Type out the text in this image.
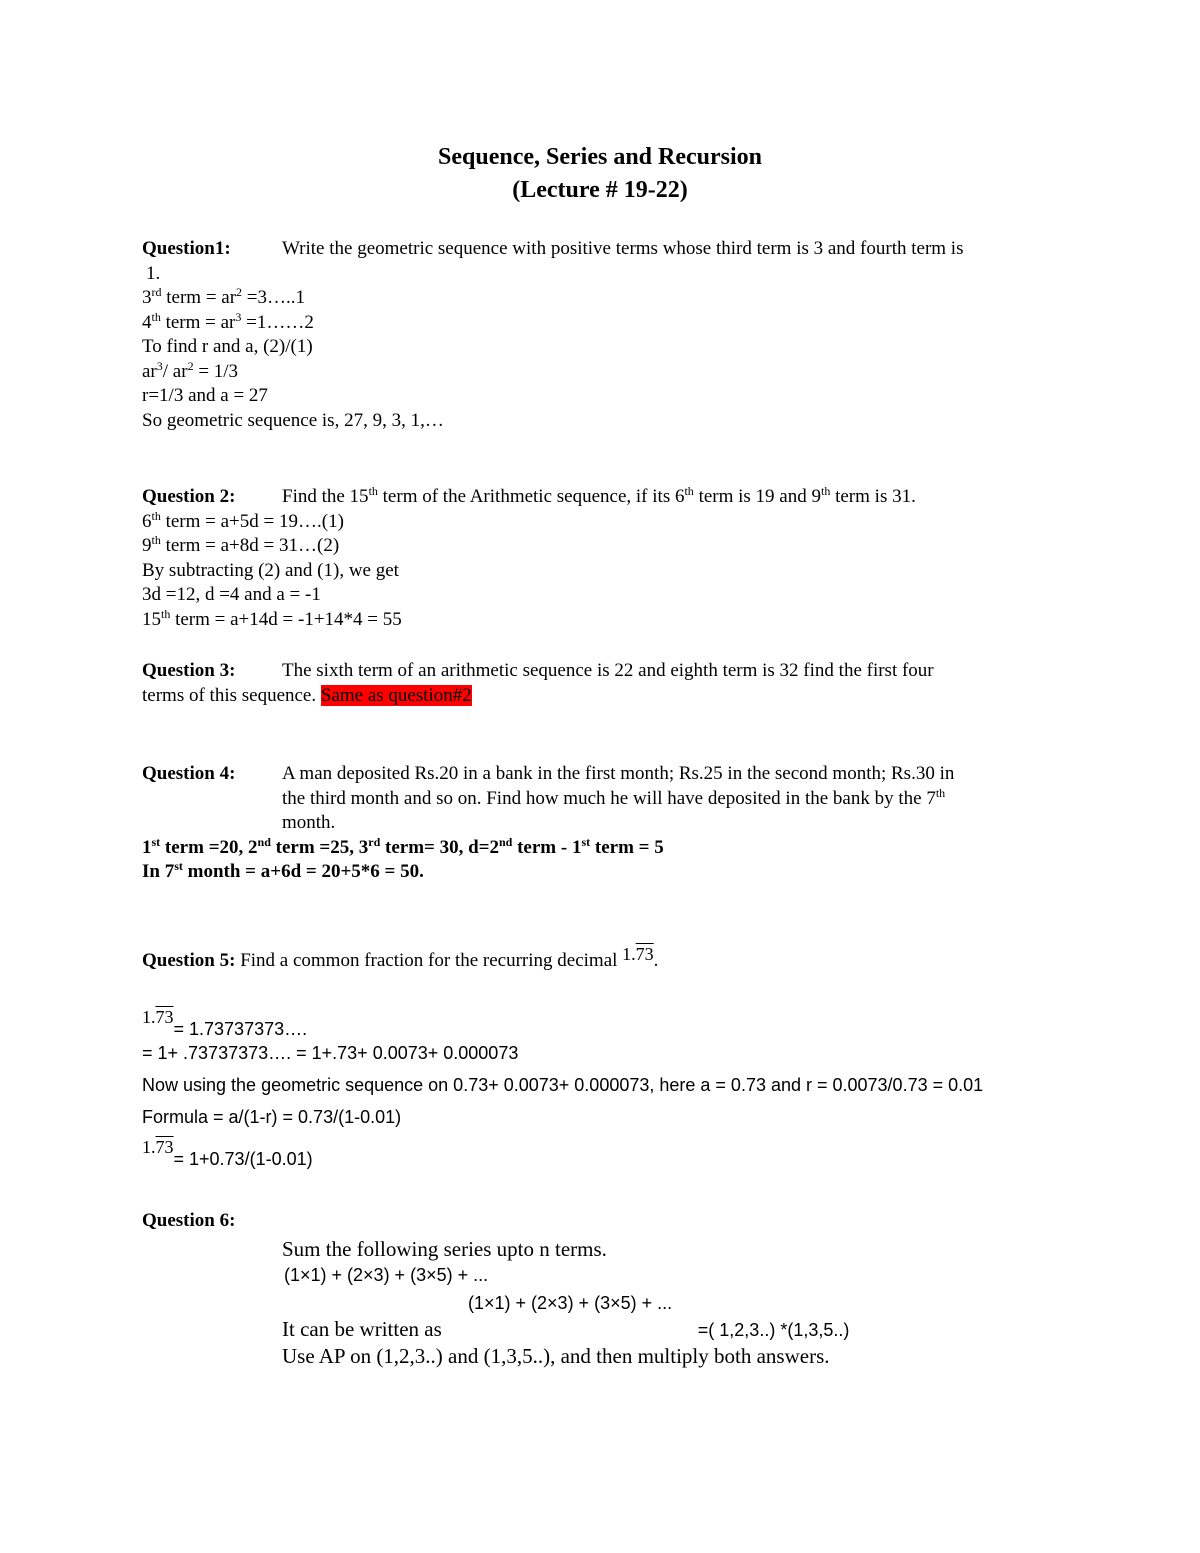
Sequence, Series and Recursion
(Lecture # 19-22)
Question1:	Write the geometric sequence with positive terms whose third term is 3 and fourth term is
1.
3rd term = $ar^2$ =3…..1
4th term = $ar^3$ =1……2
To find r and a, (2)/(1)
$ar^3/$ $ar^2 = 1/3$
r=1/3 and a = 27
So geometric sequence is, 27, 9, 3, 1,…
Question 2: Find the 15th term of the Arithmetic sequence, if its 6th term is 19 and 9th term is 31.
6th term = a+5d = 19….(1)
9th term = a+8d = 31…(2)
By subtracting (2) and (1), we get
3d =12, d =4 and a = -1
15th term = a+14d = -1+14*4 = 55
Question 3: The sixth term of an arithmetic sequence is 22 and eighth term is 32 find the first four
terms of this sequence. Same as question#2
Question 4: A man deposited Rs.20 in a bank in the first month; Rs.25 in the second month; Rs.30 in
the third month and so on. Find how much he will have deposited in the bank by the 7th
month.
1st term =20, 2nd term =25, 3rd term= 30, d=2nd term - 1st term = 5
In 7st month = a+6d = 20+5*6 = 50.
Question 5: Find a common fraction for the recurring decimal 1.73.
1.73= 1.73737373….
= 1+ .73737373…. = 1+.73+ 0.0073+ 0.000073
Now using the geometric sequence on 0.73+ 0.0073+ 0.000073, here a = 0.73 and r = 0.0073/0.73 = 0.01
Formula = a/(1-r) = 0.73/(1-0.01)
1.73= 1+0.73/(1-0.01)
Question 6:
Sum the following series upto n terms.
(1×1) + (2×3) + (3×5) + ...
(1×1) + (2×3) + (3×5) + ...
It can be written as	=( 1,2,3..) *(1,3,5..)
Use AP on (1,2,3..) and (1,3,5..), and then multiply both answers.
